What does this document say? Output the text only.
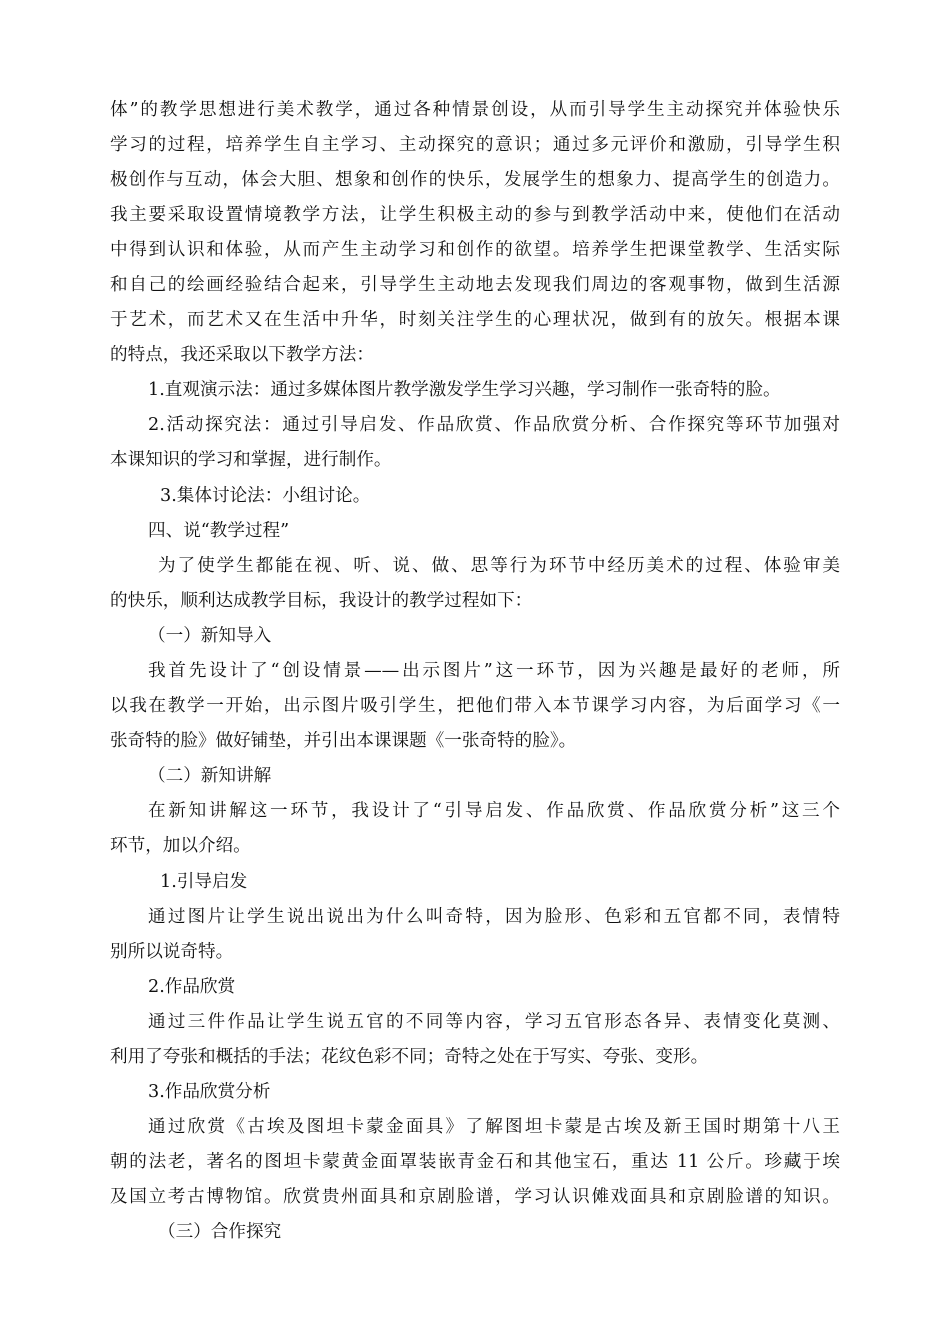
体”的教学思想进行美术教学，通过各种情景创设，从而引导学生主动探究并体验快乐
学习的过程，培养学生自主学习、主动探究的意识；通过多元评价和激励，引导学生积
极创作与互动，体会大胆、想象和创作的快乐，发展学生的想象力、提高学生的创造力。
我主要采取设置情境教学方法，让学生积极主动的参与到教学活动中来，使他们在活动
中得到认识和体验，从而产生主动学习和创作的欲望。培养学生把课堂教学、生活实际
和自己的绘画经验结合起来，引导学生主动地去发现我们周边的客观事物，做到生活源
于艺术，而艺术又在生活中升华，时刻关注学生的心理状况，做到有的放矢。根据本课
的特点，我还采取以下教学方法：
1.直观演示法：通过多媒体图片教学激发学生学习兴趣，学习制作一张奇特的脸。
2.活动探究法：通过引导启发、作品欣赏、作品欣赏分析、合作探究等环节加强对
本课知识的学习和掌握，进行制作。
3.集体讨论法：小组讨论。
四、说“教学过程”
为了使学生都能在视、听、说、做、思等行为环节中经历美术的过程、体验审美
的快乐，顺利达成教学目标，我设计的教学过程如下：
（一）新知导入
我首先设计了“创设情景——出示图片”这一环节，因为兴趣是最好的老师，所
以我在教学一开始，出示图片吸引学生，把他们带入本节课学习内容，为后面学习《一
张奇特的脸》做好铺垫，并引出本课课题《一张奇特的脸》。
（二）新知讲解
在新知讲解这一环节，我设计了“引导启发、作品欣赏、作品欣赏分析”这三个
环节，加以介绍。
1.引导启发
通过图片让学生说出说出为什么叫奇特，因为脸形、色彩和五官都不同，表情特
别所以说奇特。
2.作品欣赏
通过三件作品让学生说五官的不同等内容，学习五官形态各异、表情变化莫测、
利用了夸张和概括的手法；花纹色彩不同；奇特之处在于写实、夸张、变形。
3.作品欣赏分析
通过欣赏《古埃及图坦卡蒙金面具》了解图坦卡蒙是古埃及新王国时期第十八王
朝的法老，著名的图坦卡蒙黄金面罩装嵌青金石和其他宝石，重达 11 公斤。珍藏于埃
及国立考古博物馆。欣赏贵州面具和京剧脸谱，学习认识傩戏面具和京剧脸谱的知识。
（三）合作探究
